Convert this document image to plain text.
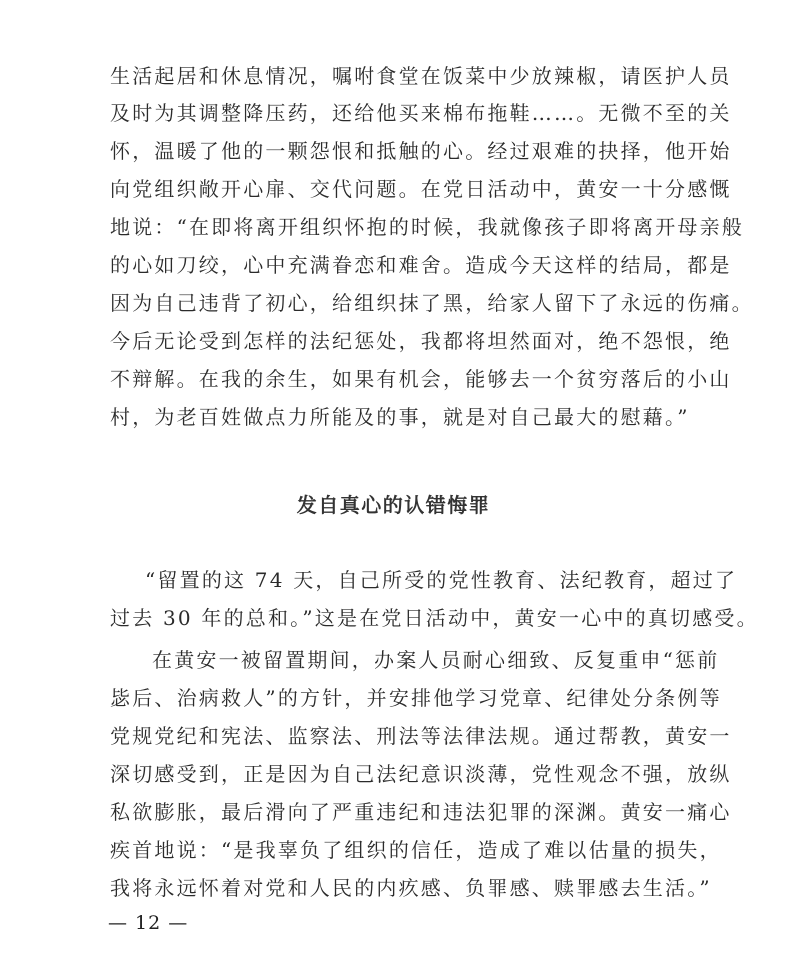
生活起居和休息情况，嘱咐食堂在饭菜中少放辣椒，请医护人员
及时为其调整降压药，还给他买来棉布拖鞋……。无微不至的关
怀，温暖了他的一颗怨恨和抵触的心。经过艰难的抉择，他开始
向党组织敞开心扉、交代问题。在党日活动中，黄安一十分感慨
地说：“在即将离开组织怀抱的时候，我就像孩子即将离开母亲般
的心如刀绞，心中充满眷恋和难舍。造成今天这样的结局，都是
因为自己违背了初心，给组织抹了黑，给家人留下了永远的伤痛。
今后无论受到怎样的法纪惩处，我都将坦然面对，绝不怨恨，绝
不辩解。在我的余生，如果有机会，能够去一个贫穷落后的小山
村，为老百姓做点力所能及的事，就是对自己最大的慰藉。”
发自真心的认错悔罪
“留置的这 74 天，自己所受的党性教育、法纪教育，超过了
过去 30 年的总和。”这是在党日活动中，黄安一心中的真切感受。
在黄安一被留置期间，办案人员耐心细致、反复重申“惩前
毖后、治病救人”的方针，并安排他学习党章、纪律处分条例等
党规党纪和宪法、监察法、刑法等法律法规。通过帮教，黄安一
深切感受到，正是因为自己法纪意识淡薄，党性观念不强，放纵
私欲膨胀，最后滑向了严重违纪和违法犯罪的深渊。黄安一痛心
疾首地说：“是我辜负了组织的信任，造成了难以估量的损失，
我将永远怀着对党和人民的内疚感、负罪感、赎罪感去生活。”
— 12 —
